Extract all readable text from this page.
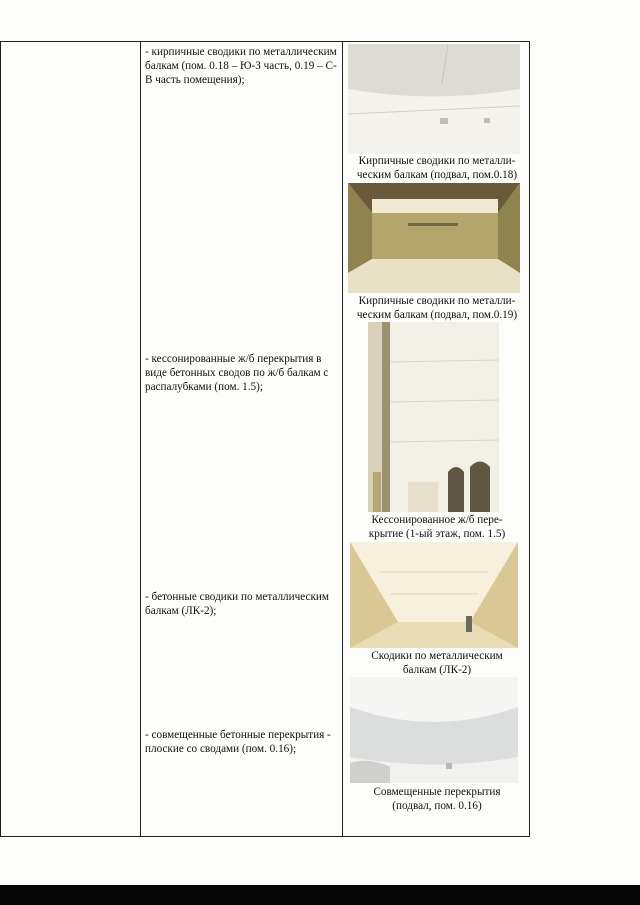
- кирпичные сводики по металлическим балкам (пом. 0.18 – Ю-З часть, 0.19 – С-В часть помещения);
Кирпичные сводики по металли-
ческим балкам (подвал, пом.0.18)
Кирпичные сводики по металли-
ческим балкам (подвал, пом.0.19)
- кессонированные ж/б перекрытия в виде бетонных сводов по ж/б балкам с распалубками (пом. 1.5);
Кессонированное ж/б пере-
крытие (1-ый этаж, пом. 1.5)
- бетонные сводики по металлическим балкам (ЛК-2);
Скодики по металлическим
балкам (ЛК-2)
- совмещенные бетонные перекрытия - плоские со сводами (пом. 0.16);
Совмещенные перекрытия
(подвал, пом. 0.16)
